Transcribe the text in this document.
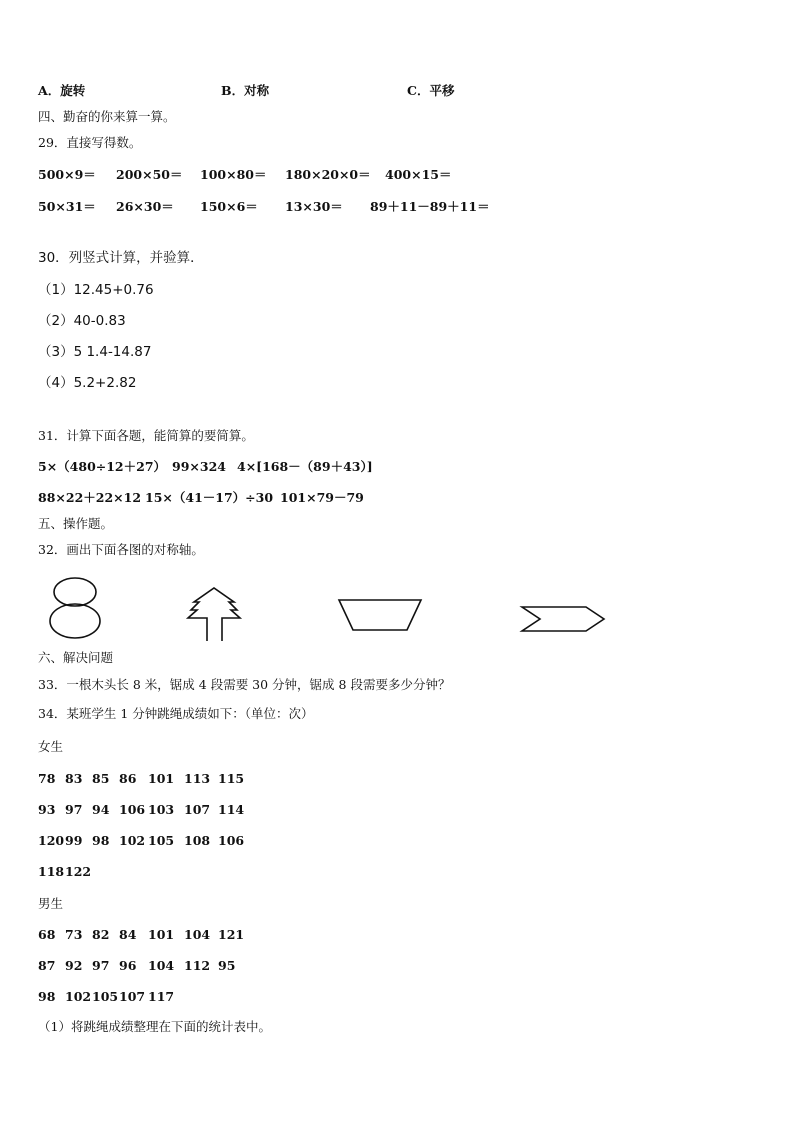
A．旋转	B．对称	C．平移
四、勤奋的你来算一算。
29．直接写得数。
500×9＝ 200×50＝ 100×80＝ 180×20×0＝ 400×15＝
50×31＝ 26×30＝ 150×6＝ 13×30＝ 89＋11－89＋11＝
30．列竖式计算，并验算．
（1）12.45+0.76
（2）40-0.83
（3）5 1.4-14.87
（4）5.2+2.82
31．计算下面各题，能简算的要简算。
5×（480÷12＋27） 99×324 4×[168－（89＋43）]
88×22＋22×12 15×（41－17）÷30 101×79－79
五、操作题。
32．画出下面各图的对称轴。
六、解决问题
33．一根木头长 8 米，锯成 4 段需要 30 分钟，锯成 8 段需要多少分钟？
34．某班学生 1 分钟跳绳成绩如下：（单位：次）
女生
78 83 85 86 101 113 115
93 97 94 106 103 107 114
120 99 98 102 105 108 106
118 122
男生
68 73 82 84 101 104 121
87 92 97 96 104 112 95
98 102 105 107 117
（1）将跳绳成绩整理在下面的统计表中。
